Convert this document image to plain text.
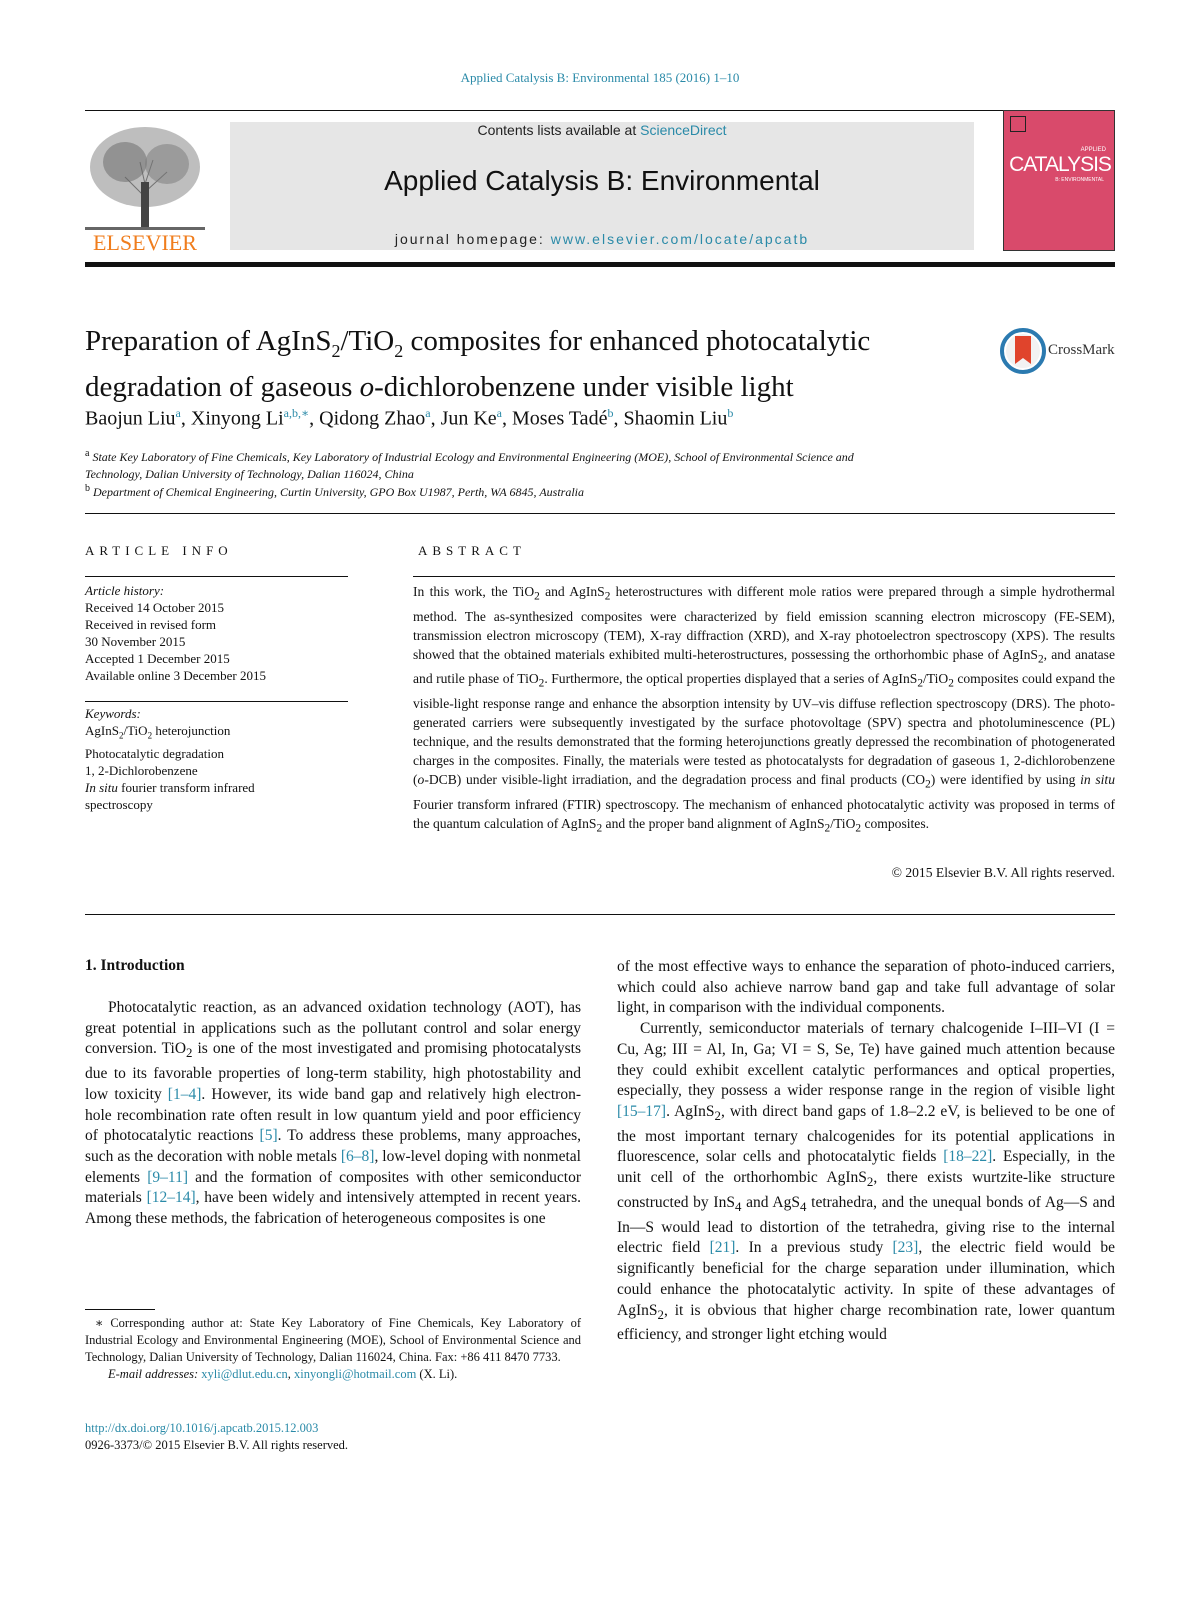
Applied Catalysis B: Environmental 185 (2016) 1–10
ELSEVIER
Contents lists available at ScienceDirect
Applied Catalysis B: Environmental
journal homepage: www.elsevier.com/locate/apcatb
APPLIED
CATALYSIS
B: ENVIRONMENTAL
Preparation of AgInS$_2$/TiO$_2$ composites for enhanced photocatalytic
degradation of gaseous o-dichlorobenzene under visible light
CrossMark
Baojun Liu$^a$, Xinyong $Li^{a,b,∗}$, Qidong Zhao$^a$, Jun Ke$^a$, Moses Tadé$^b$, Shaomin Liu$^b$
$^a$ State Key Laboratory of Fine Chemicals, Key Laboratory of Industrial Ecology and Environmental Engineering (MOE), School of Environmental Science and
Technology, Dalian University of Technology, Dalian 116024, China
$^b$ Department of Chemical Engineering, Curtin University, GPO Box U1987, Perth, WA 6845, Australia
ARTICLE INFO
Article history:
Received 14 October 2015
Received in revised form
30 November 2015
Accepted 1 December 2015
Available online 3 December 2015
Keywords:
AgInS$_2$/TiO$_2$ heterojunction
Photocatalytic degradation
1, 2-Dichlorobenzene
In situ fourier transform infrared
spectroscopy
ABSTRACT
In this work, the TiO$_2$ and AgInS$_2$ heterostructures with different mole ratios were prepared through a simple hydrothermal method. The as-synthesized composites were characterized by field emission scanning electron microscopy (FE-SEM), transmission electron microscopy (TEM), X-ray diffraction (XRD), and X-ray photoelectron spectroscopy (XPS). The results showed that the obtained materials exhibited multi-heterostructures, possessing the orthorhombic phase of AgInS$_2$, and anatase and rutile phase of TiO$_2$. Furthermore, the optical properties displayed that a series of AgInS$_2$/TiO$_2$ composites could expand the visible-light response range and enhance the absorption intensity by UV–vis diffuse reflection spectroscopy (DRS). The photo-generated carriers were subsequently investigated by the surface photovoltage (SPV) spectra and photoluminescence (PL) technique, and the results demonstrated that the forming heterojunctions greatly depressed the recombination of photogenerated charges in the composites. Finally, the materials were tested as photocatalysts for degradation of gaseous 1, 2-dichlorobenzene (o-DCB) under visible-light irradiation, and the degradation process and final products $(CO_2)$ were identified by using in situ Fourier transform infrared (FTIR) spectroscopy. The mechanism of enhanced photocatalytic activity was proposed in terms of the quantum calculation of AgInS$_2$ and the proper band alignment of AgInS$_2$/TiO$_2$ composites.
© 2015 Elsevier B.V. All rights reserved.
1. Introduction

Photocatalytic reaction, as an advanced oxidation technology (AOT), has great potential in applications such as the pollutant control and solar energy conversion. TiO$_2$ is one of the most investigated and promising photocatalysts due to its favorable properties of long-term stability, high photostability and low toxicity [1–4]. However, its wide band gap and relatively high electron-hole recombination rate often result in low quantum yield and poor efficiency of photocatalytic reactions [5]. To address these problems, many approaches, such as the decoration with noble metals [6–8], low-level doping with nonmetal elements [9–11] and the formation of composites with other semiconductor materials [12–14], have been widely and intensively attempted in recent years. Among these methods, the fabrication of heterogeneous composites is one

of the most effective ways to enhance the separation of photo-induced carriers, which could also achieve narrow band gap and take full advantage of solar light, in comparison with the individual components.

Currently, semiconductor materials of ternary chalcogenide I–III–VI (I = Cu, Ag; III = Al, In, Ga; VI = S, Se, Te) have gained much attention because they could exhibit excellent catalytic performances and optical properties, especially, they possess a wider response range in the region of visible light [15–17]. AgInS$_2$, with direct band gaps of 1.8–2.2 eV, is believed to be one of the most important ternary chalcogenides for its potential applications in fluorescence, solar cells and photocatalytic fields [18–22]. Especially, in the unit cell of the orthorhombic AgInS$_2$, there exists wurtzite-like structure constructed by InS$_4$ and AgS$_4$ tetrahedra, and the unequal bonds of Ag—S and In—S would lead to distortion of the tetrahedra, giving rise to the internal electric field [21]. In a previous study [23], the electric field would be significantly beneficial for the charge separation under illumination, which could enhance the photocatalytic activity. In spite of these advantages of AgInS$_2$, it is obvious that higher charge recombination rate, lower quantum efficiency, and stronger light etching would

∗ Corresponding author at: State Key Laboratory of Fine Chemicals, Key Laboratory of Industrial Ecology and Environmental Engineering (MOE), School of Environmental Science and Technology, Dalian University of Technology, Dalian 116024, China. Fax: +86 411 8470 7733.
E-mail addresses: xyli@dlut.edu.cn, xinyongli@hotmail.com (X. Li).
http://dx.doi.org/10.1016/j.apcatb.2015.12.003
0926-3373/© 2015 Elsevier B.V. All rights reserved.
